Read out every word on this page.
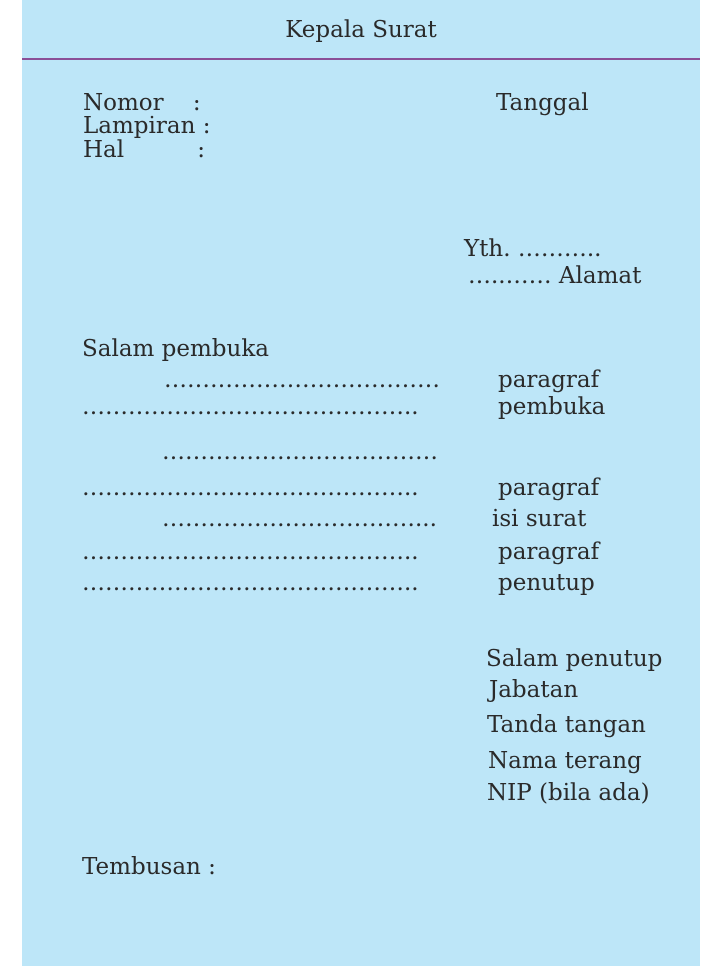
Kepala Surat
Nomor    :
Lampiran :
Hal          :
Tanggal
Yth. ………..
…..…… Alamat
Salam pembuka
………………………………	paragraf
……………………………………..	pembuka
………………………………
……………………………………..	paragraf
……………………………... isi surat
……………………………………..	paragraf
……………………………………..	penutup
Salam penutup
Jabatan
Tanda tangan
Nama terang
NIP (bila ada)
Tembusan :
